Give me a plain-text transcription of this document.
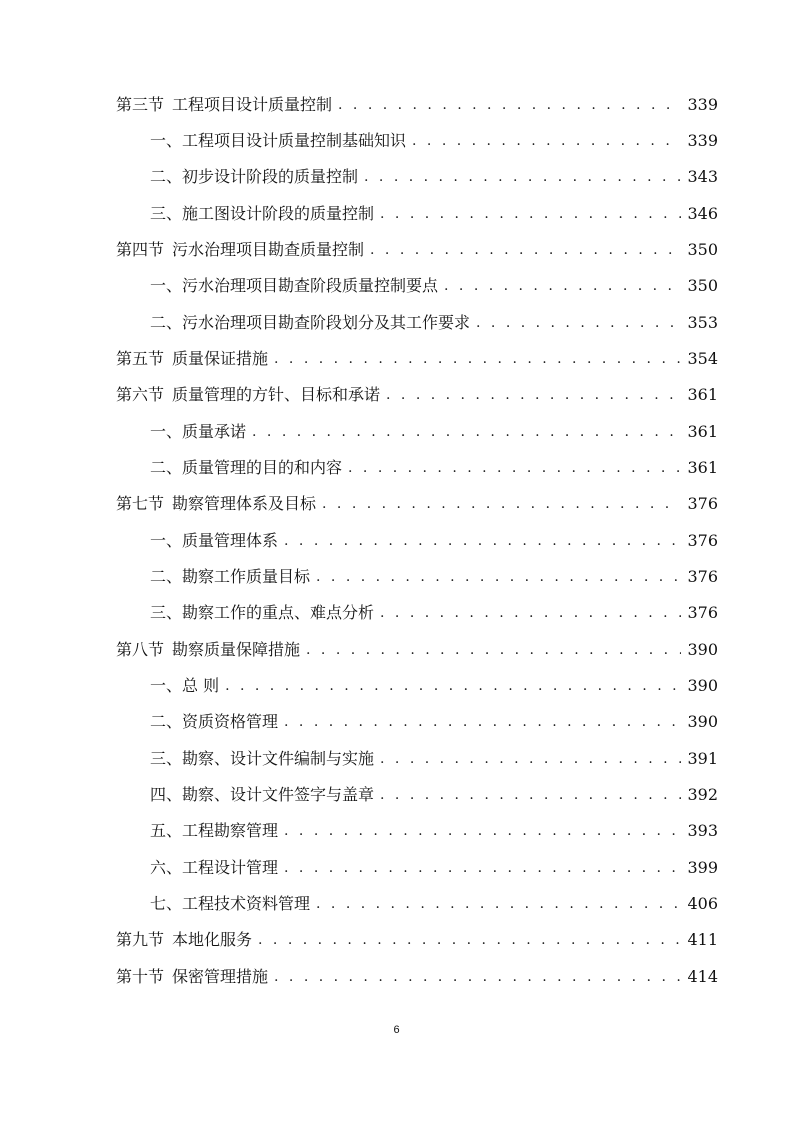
第三节 工程项目设计质量控制 . . .	339
一、工程项目设计质量控制基础知识 . . .	339
二、初步设计阶段的质量控制 . . .	343
三、施工图设计阶段的质量控制 . . .	346
第四节 污水治理项目勘查质量控制 . . .	350
一、污水治理项目勘查阶段质量控制要点 . . .	350
二、污水治理项目勘查阶段划分及其工作要求 . . .	353
第五节 质量保证措施 . . .	354
第六节 质量管理的方针、目标和承诺 . . .	361
一、质量承诺 . . .	361
二、质量管理的目的和内容 . . .	361
第七节 勘察管理体系及目标 . . .	376
一、质量管理体系 . . .	376
二、勘察工作质量目标 . . .	376
三、勘察工作的重点、难点分析 . . .	376
第八节 勘察质量保障措施 . . .	390
一、总 则 . . .	390
二、资质资格管理 . . .	390
三、勘察、设计文件编制与实施 . . .	391
四、勘察、设计文件签字与盖章 . . .	392
五、工程勘察管理 . . .	393
六、工程设计管理 . . .	399
七、工程技术资料管理 . . .	406
第九节 本地化服务 . . .	411
第十节 保密管理措施 . . .	414
6
